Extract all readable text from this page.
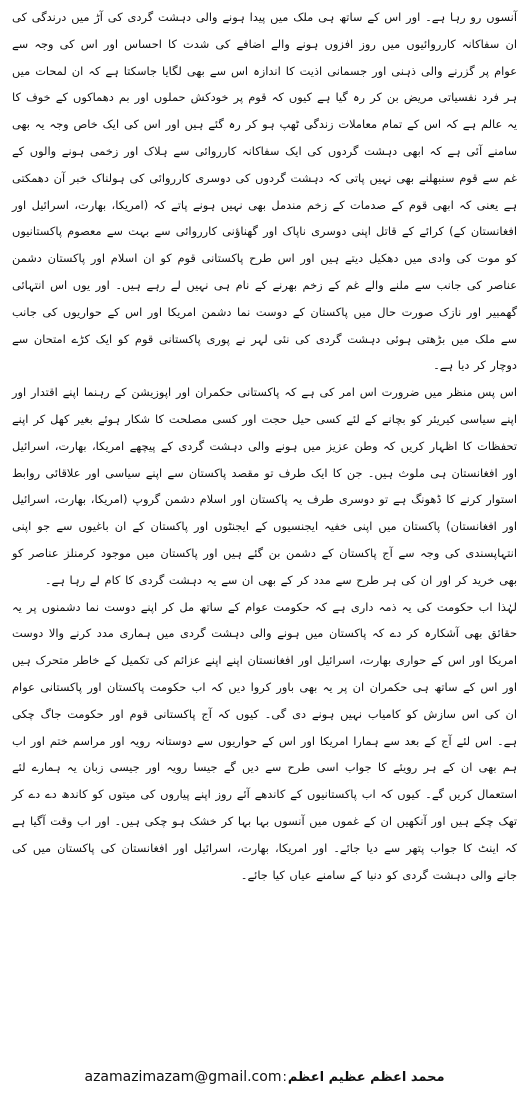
آنسوں رو رہا ہے۔ اور اس کے ساتھ ہی ملک میں پیدا ہونے والی دہشت گردی کی آڑ میں درندگی کی ان سفاکانہ کارروائیوں میں روز افزوں ہونے والے اضافے کی شدت کا احساس اور اس کی وجہ سے عوام پر گزرنے والی ذہنی اور جسمانی اذیت کا اندازہ اس سے بھی لگایا جاسکتا ہے کہ ان لمحات میں ہر فرد نفسیاتی مریض بن کر رہ گیا ہے کیوں کہ قوم پر خودکش حملوں اور بم دھماکوں کے خوف کا یہ عالم ہے کہ اس کے تمام معاملات زندگی ٹھپ ہو کر رہ گئے ہیں اور اس کی ایک خاص وجہ یہ بھی سامنے آئی ہے کہ ابھی دہشت گردوں کی ایک سفاکانہ کارروائی سے ہلاک اور زخمی ہونے والوں کے غم سے قوم سنبھلنے بھی نہیں پاتی کہ دہشت گردوں کی دوسری کارروائی کی ہولناک خبر آن دھمکتی ہے یعنی کہ ابھی قوم کے صدمات کے زخم مندمل بھی نہیں ہونے پاتے کہ (امریکا، بھارت، اسرائیل اور افغانستان کے) کرائے کے قاتل اپنی دوسری ناپاک اور گھناؤنی کارروائی سے بہت سے معصوم پاکستانیوں کو موت کی وادی میں دھکیل دیتے ہیں اور اس طرح پاکستانی قوم کو ان اسلام اور پاکستان دشمن عناصر کی جانب سے ملنے والے غم کے زخم بھرنے کے نام ہی نہیں لے رہے ہیں۔ اور یوں اس انتہائی گھمبیر اور نازک صورت حال میں پاکستان کے دوست نما دشمن امریکا اور اس کے حواریوں کی جانب سے ملک میں بڑھتی ہوئی دہشت گردی کی نئی لہر نے پوری پاکستانی قوم کو ایک کڑے امتحان سے دوچار کر دیا ہے۔

اس پس منظر میں ضرورت اس امر کی ہے کہ پاکستانی حکمران اور اپوزیشن کے رہنما اپنے اقتدار اور اپنے سیاسی کیریئر کو بچانے کے لئے کسی حیل حجت اور کسی مصلحت کا شکار ہوئے بغیر کھل کر اپنے تحفظات کا اظہار کریں کہ وطن عزیز میں ہونے والی دہشت گردی کے پیچھے امریکا، بھارت، اسرائیل اور افغانستان ہی ملوث ہیں۔ جن کا ایک طرف تو مقصد پاکستان سے اپنے سیاسی اور علاقائی روابط استوار کرنے کا ڈھونگ ہے تو دوسری طرف یہ پاکستان اور اسلام دشمن گروپ (امریکا، بھارت، اسرائیل اور افغانستان) پاکستان میں اپنی خفیہ ایجنسیوں کے ایجنٹوں اور پاکستان کے ان باغیوں سے جو اپنی انتہاپسندی کی وجہ سے آج پاکستان کے دشمن بن گئے ہیں اور پاکستان میں موجود کرمنلز عناصر کو بھی خرید کر اور ان کی ہر طرح سے مدد کر کے بھی ان سے یہ دہشت گردی کا کام لے رہا ہے۔

لہٰذا اب حکومت کی یہ ذمہ داری ہے کہ حکومت عوام کے ساتھ مل کر اپنے دوست نما دشمنوں پر یہ حقائق بھی آشکارہ کر دے کہ پاکستان میں ہونے والی دہشت گردی میں ہماری مدد کرنے والا دوست امریکا اور اس کے حواری بھارت، اسرائیل اور افغانستان اپنے اپنے عزائم کی تکمیل کے خاطر متحرک ہیں اور اس کے ساتھ ہی حکمران ان پر یہ بھی باور کروا دیں کہ اب حکومت پاکستان اور پاکستانی عوام ان کی اس سازش کو کامیاب نہیں ہونے دی گی۔ کیوں کہ آج پاکستانی قوم اور حکومت جاگ چکی ہے۔ اس لئے آج کے بعد سے ہمارا امریکا اور اس کے حواریوں سے دوستانہ رویہ اور مراسم ختم اور اب ہم بھی ان کے ہر رویئے کا جواب اسی طرح سے دیں گے جیسا رویہ اور جیسی زبان یہ ہمارے لئے استعمال کریں گے۔ کیوں کہ اب پاکستانیوں کے کاندھے آئے روز اپنے پیاروں کی میتوں کو کاندھ دے دے کر تھک چکے ہیں اور آنکھیں ان کے غموں میں آنسوں بہا بہا کر خشک ہو چکی ہیں۔ اور اب وقت آگیا ہے کہ اینٹ کا جواب پتھر سے دیا جائے۔ اور امریکا، بھارت، اسرائیل اور افغانستان کی پاکستان میں کی جانے والی دہشت گردی کو دنیا کے سامنے عیاں کیا جائے۔

azamazimazam@gmail.com:محمد اعظم عظیم اعظم
